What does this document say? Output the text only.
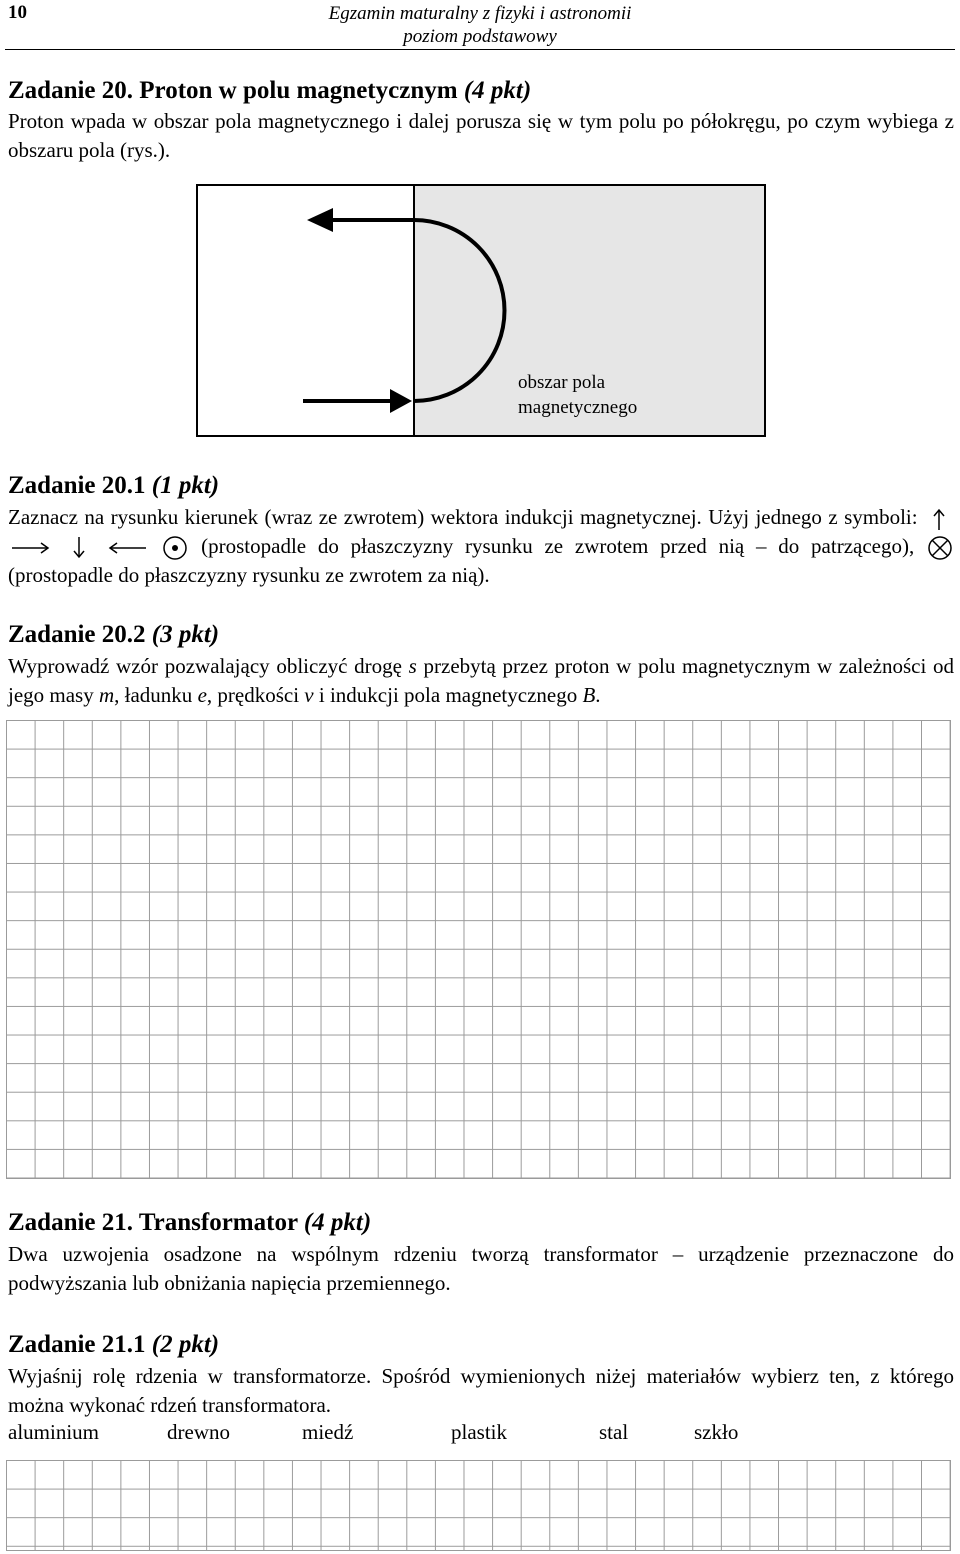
10	Egzamin maturalny z fizyki i astronomii
poziom podstawowy
Zadanie 20. Proton w polu magnetycznym (4 pkt)
Proton wpada w obszar pola magnetycznego i dalej porusza się w tym polu po półokręgu, po czym wybiega z obszaru pola (rys.).
obszar pola
magnetycznego
Zadanie 20.1 (1 pkt)
Zaznacz na rysunku kierunek (wraz ze zwrotem) wektora indukcji magnetycznej. Użyj jednego z symboli:      (prostopadle do płaszczyzny rysunku ze zwrotem przed nią – do patrzącego),  (prostopadle do płaszczyzny rysunku ze zwrotem za nią).
Zadanie 20.2 (3 pkt)
Wyprowadź wzór pozwalający obliczyć drogę s przebytą przez proton w polu magnetycznym w zależności od jego masy m, ładunku e, prędkości v i indukcji pola magnetycznego B.
Zadanie 21. Transformator (4 pkt)
Dwa uzwojenia osadzone na wspólnym rdzeniu tworzą transformator – urządzenie przeznaczone do podwyższania lub obniżania napięcia przemiennego.
Zadanie 21.1 (2 pkt)
Wyjaśnij rolę rdzenia w transformatorze. Spośród wymienionych niżej materiałów wybierz ten, z którego można wykonać rdzeń transformatora.
aluminium	drewno	miedź	plastik	stal	szkło
